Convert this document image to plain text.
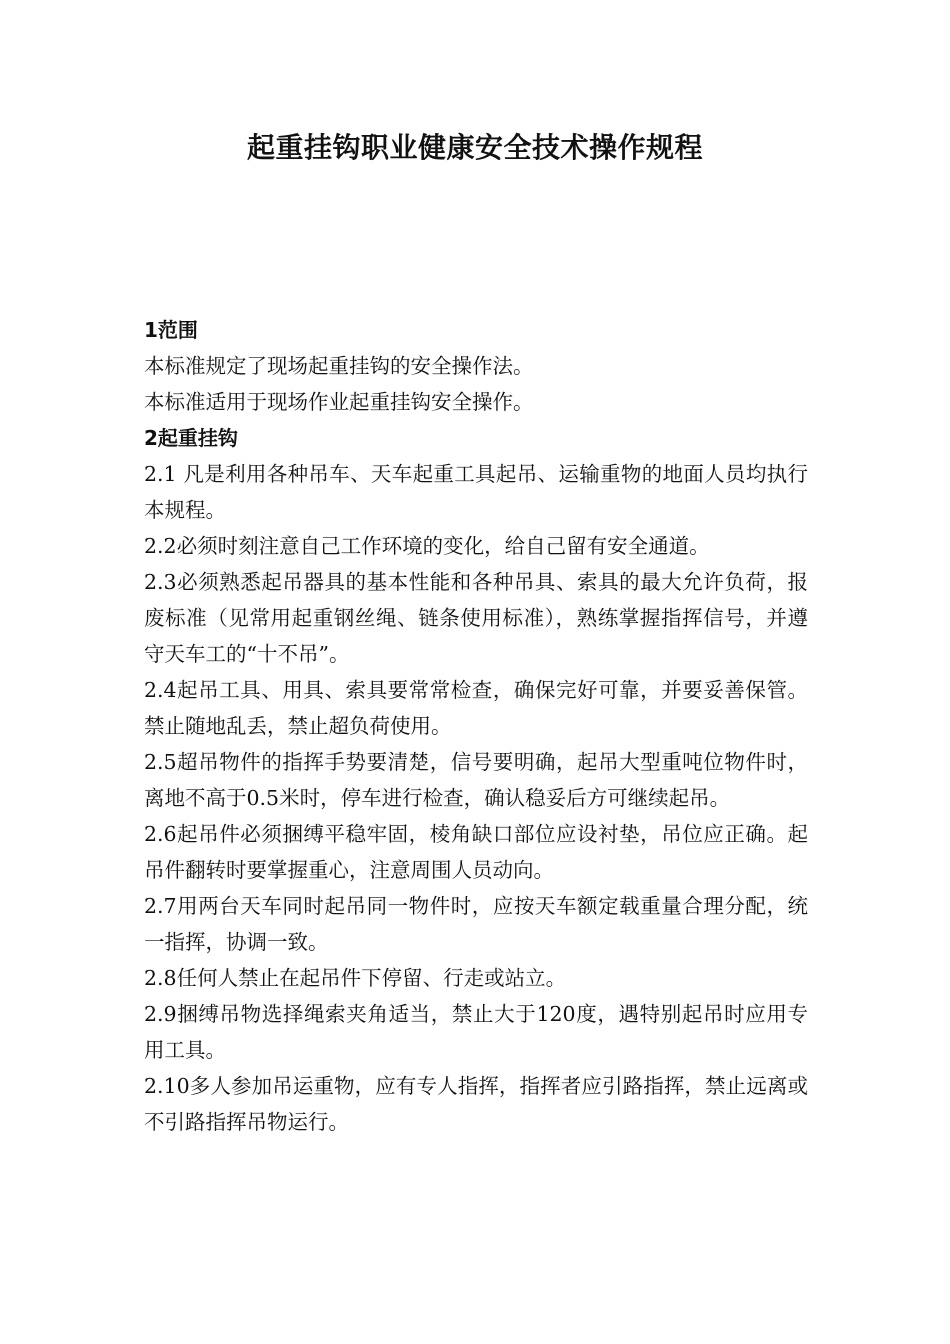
起重挂钩职业健康安全技术操作规程

1范围

本标准规定了现场起重挂钩的安全操作法。

本标准适用于现场作业起重挂钩安全操作。

2起重挂钩

2.1 凡是利用各种吊车、天车起重工具起吊、运输重物的地面人员均执行本规程。

2.2必须时刻注意自己工作环境的变化，给自己留有安全通道。

2.3必须熟悉起吊器具的基本性能和各种吊具、索具的最大允许负荷，报废标准（见常用起重钢丝绳、链条使用标准），熟练掌握指挥信号，并遵守天车工的“十不吊”。

2.4起吊工具、用具、索具要常常检查，确保完好可靠，并要妥善保管。禁止随地乱丢，禁止超负荷使用。

2.5超吊物件的指挥手势要清楚，信号要明确，起吊大型重吨位物件时，离地不高于0.5米时，停车进行检查，确认稳妥后方可继续起吊。

2.6起吊件必须捆缚平稳牢固，棱角缺口部位应设衬垫，吊位应正确。起吊件翻转时要掌握重心，注意周围人员动向。

2.7用两台天车同时起吊同一物件时，应按天车额定载重量合理分配，统一指挥，协调一致。

2.8任何人禁止在起吊件下停留、行走或站立。

2.9捆缚吊物选择绳索夹角适当，禁止大于120度，遇特别起吊时应用专用工具。

2.10多人参加吊运重物，应有专人指挥，指挥者应引路指挥，禁止远离或不引路指挥吊物运行。
